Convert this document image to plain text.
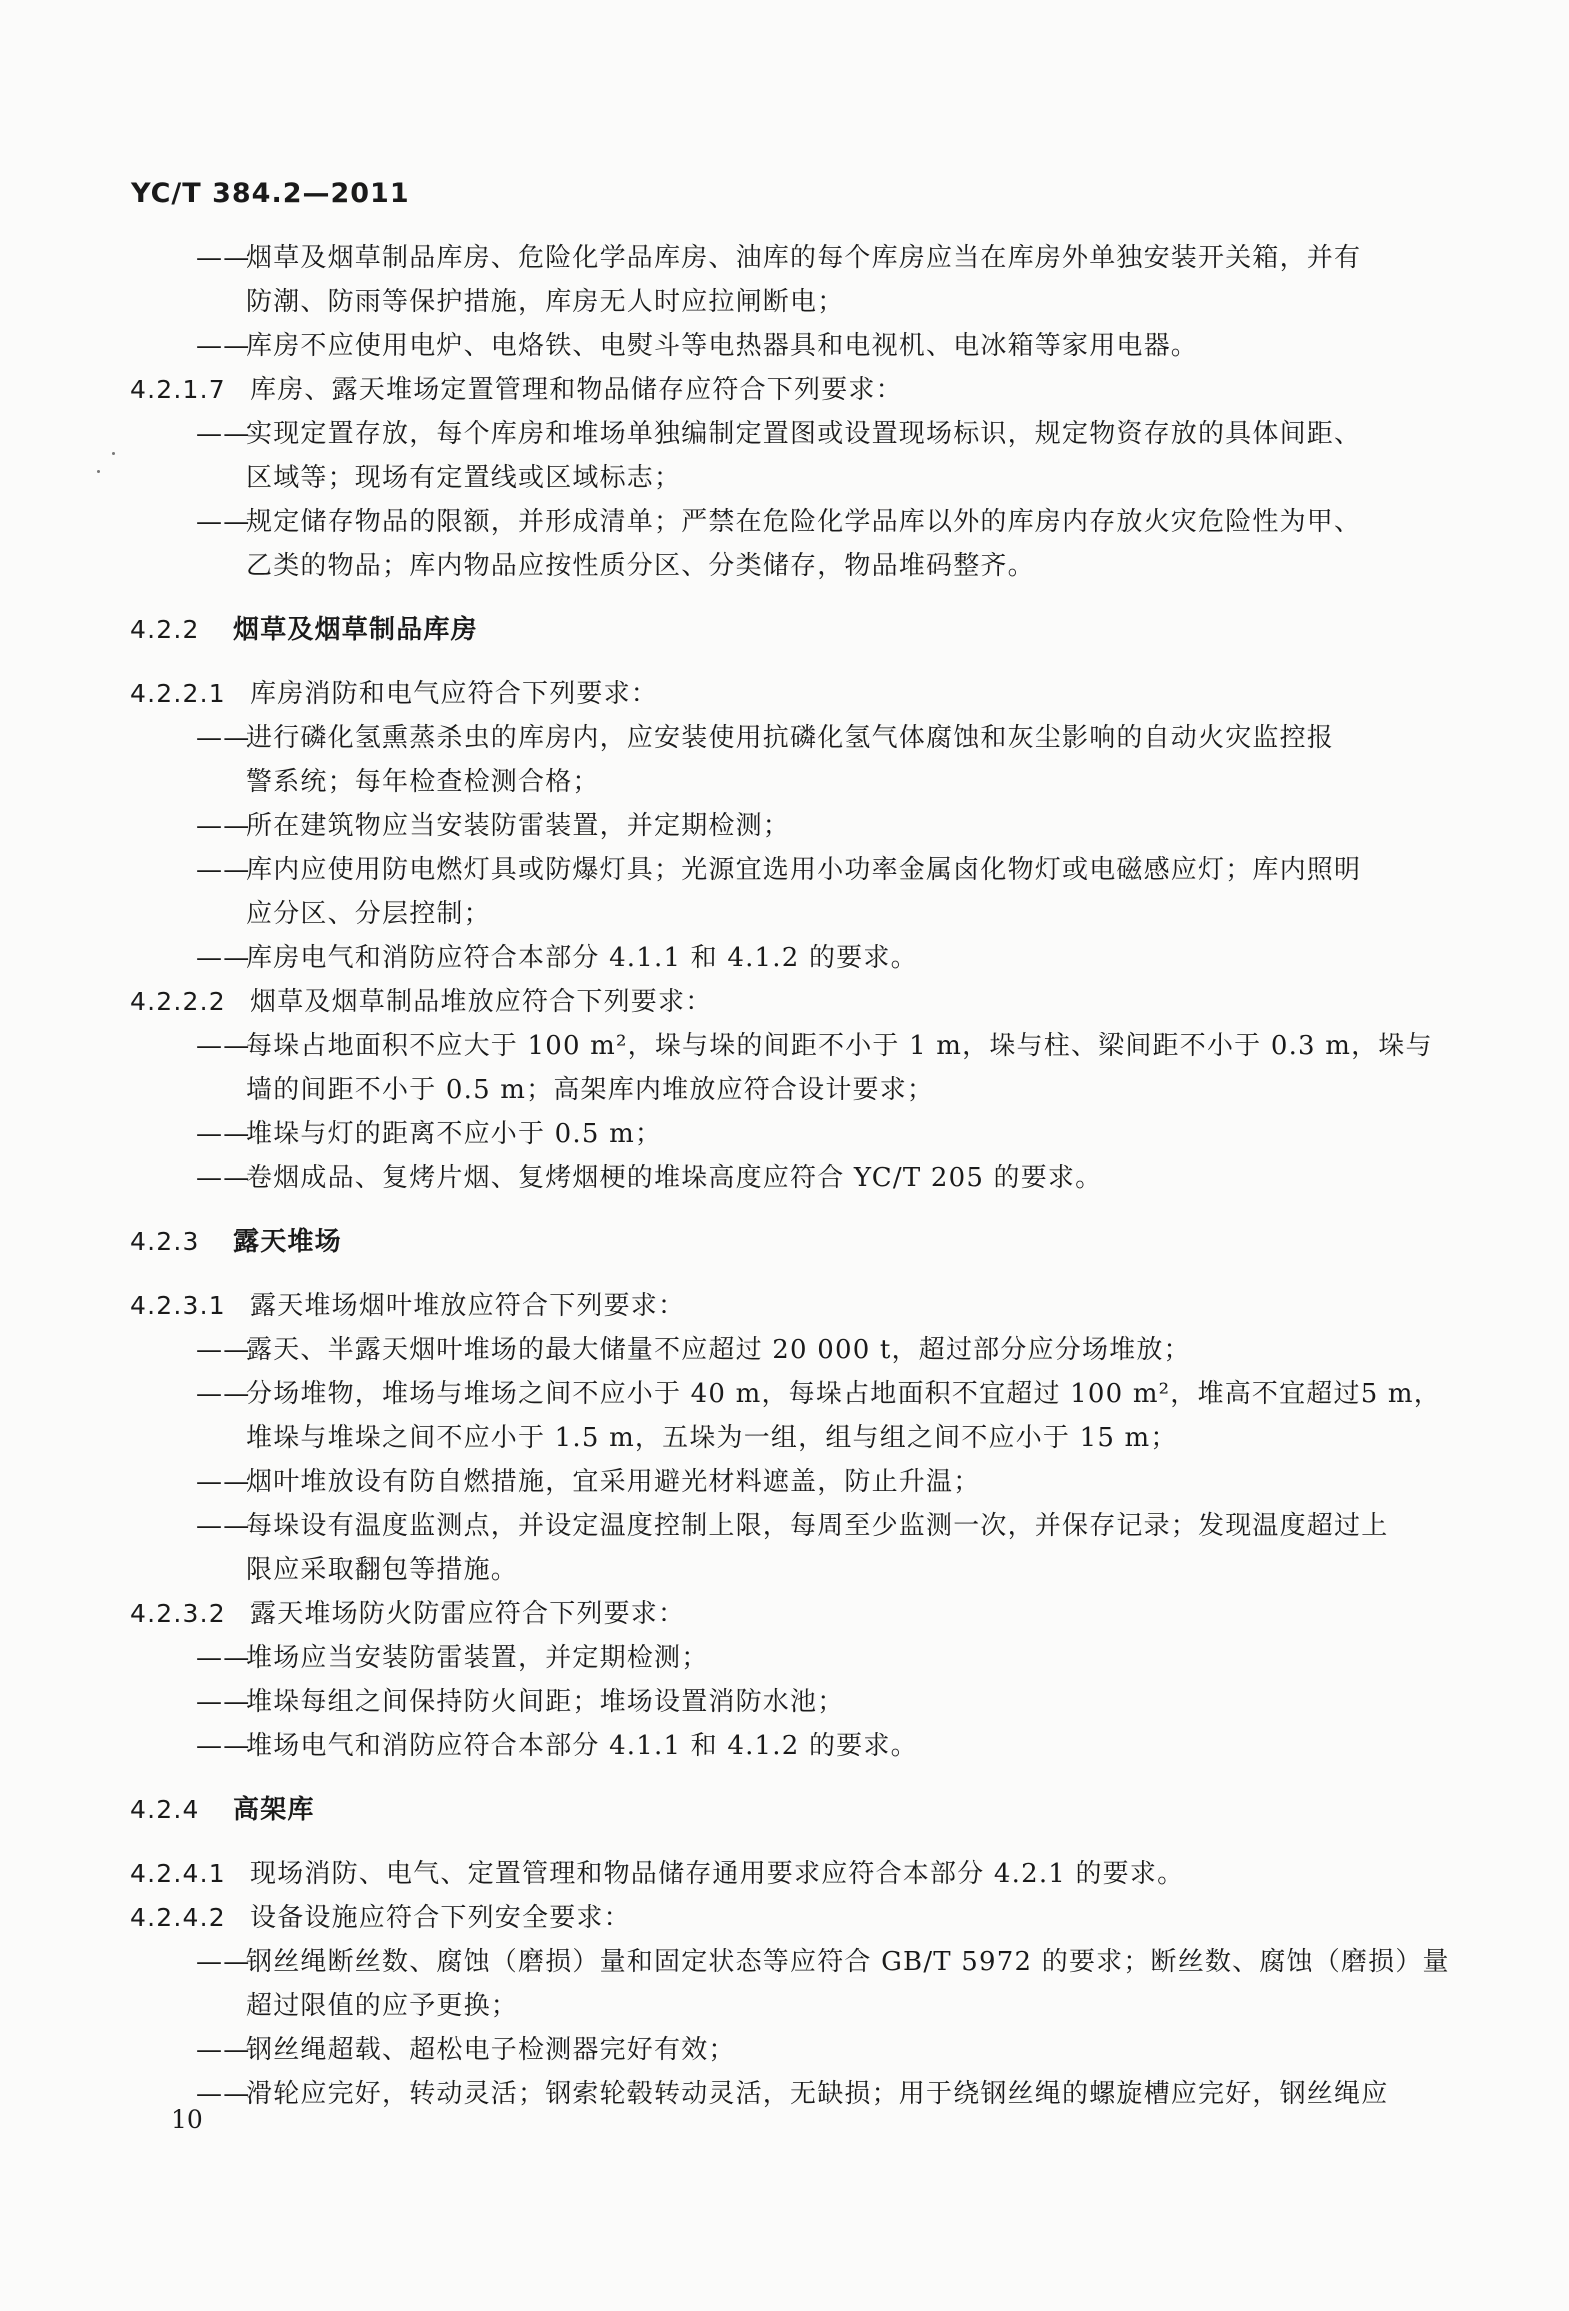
YC/T 384.2—2011
——烟草及烟草制品库房、危险化学品库房、油库的每个库房应当在库房外单独安装开关箱，并有
防潮、防雨等保护措施，库房无人时应拉闸断电；
——库房不应使用电炉、电烙铁、电熨斗等电热器具和电视机、电冰箱等家用电器。
4.2.1.7 库房、露天堆场定置管理和物品储存应符合下列要求：
——实现定置存放，每个库房和堆场单独编制定置图或设置现场标识，规定物资存放的具体间距、
区域等；现场有定置线或区域标志；
——规定储存物品的限额，并形成清单；严禁在危险化学品库以外的库房内存放火灾危险性为甲、
乙类的物品；库内物品应按性质分区、分类储存，物品堆码整齐。
4.2.2 烟草及烟草制品库房
4.2.2.1 库房消防和电气应符合下列要求：
——进行磷化氢熏蒸杀虫的库房内，应安装使用抗磷化氢气体腐蚀和灰尘影响的自动火灾监控报
警系统；每年检查检测合格；
——所在建筑物应当安装防雷装置，并定期检测；
——库内应使用防电燃灯具或防爆灯具；光源宜选用小功率金属卤化物灯或电磁感应灯；库内照明
应分区、分层控制；
——库房电气和消防应符合本部分 4.1.1 和 4.1.2 的要求。
4.2.2.2 烟草及烟草制品堆放应符合下列要求：
——每垛占地面积不应大于 100 m²，垛与垛的间距不小于 1 m，垛与柱、梁间距不小于 0.3 m，垛与
墙的间距不小于 0.5 m；高架库内堆放应符合设计要求；
——堆垛与灯的距离不应小于 0.5 m；
——卷烟成品、复烤片烟、复烤烟梗的堆垛高度应符合 YC/T 205 的要求。
4.2.3 露天堆场
4.2.3.1 露天堆场烟叶堆放应符合下列要求：
——露天、半露天烟叶堆场的最大储量不应超过 20 000 t，超过部分应分场堆放；
——分场堆物，堆场与堆场之间不应小于 40 m，每垛占地面积不宜超过 100 m²，堆高不宜超过5 m，
堆垛与堆垛之间不应小于 1.5 m，五垛为一组，组与组之间不应小于 15 m；
——烟叶堆放设有防自燃措施，宜采用避光材料遮盖，防止升温；
——每垛设有温度监测点，并设定温度控制上限，每周至少监测一次，并保存记录；发现温度超过上
限应采取翻包等措施。
4.2.3.2 露天堆场防火防雷应符合下列要求：
——堆场应当安装防雷装置，并定期检测；
——堆垛每组之间保持防火间距；堆场设置消防水池；
——堆场电气和消防应符合本部分 4.1.1 和 4.1.2 的要求。
4.2.4 高架库
4.2.4.1 现场消防、电气、定置管理和物品储存通用要求应符合本部分 4.2.1 的要求。
4.2.4.2 设备设施应符合下列安全要求：
——钢丝绳断丝数、腐蚀（磨损）量和固定状态等应符合 GB/T 5972 的要求；断丝数、腐蚀（磨损）量
超过限值的应予更换；
——钢丝绳超载、超松电子检测器完好有效；
——滑轮应完好，转动灵活；钢索轮毂转动灵活，无缺损；用于绕钢丝绳的螺旋槽应完好，钢丝绳应
10
